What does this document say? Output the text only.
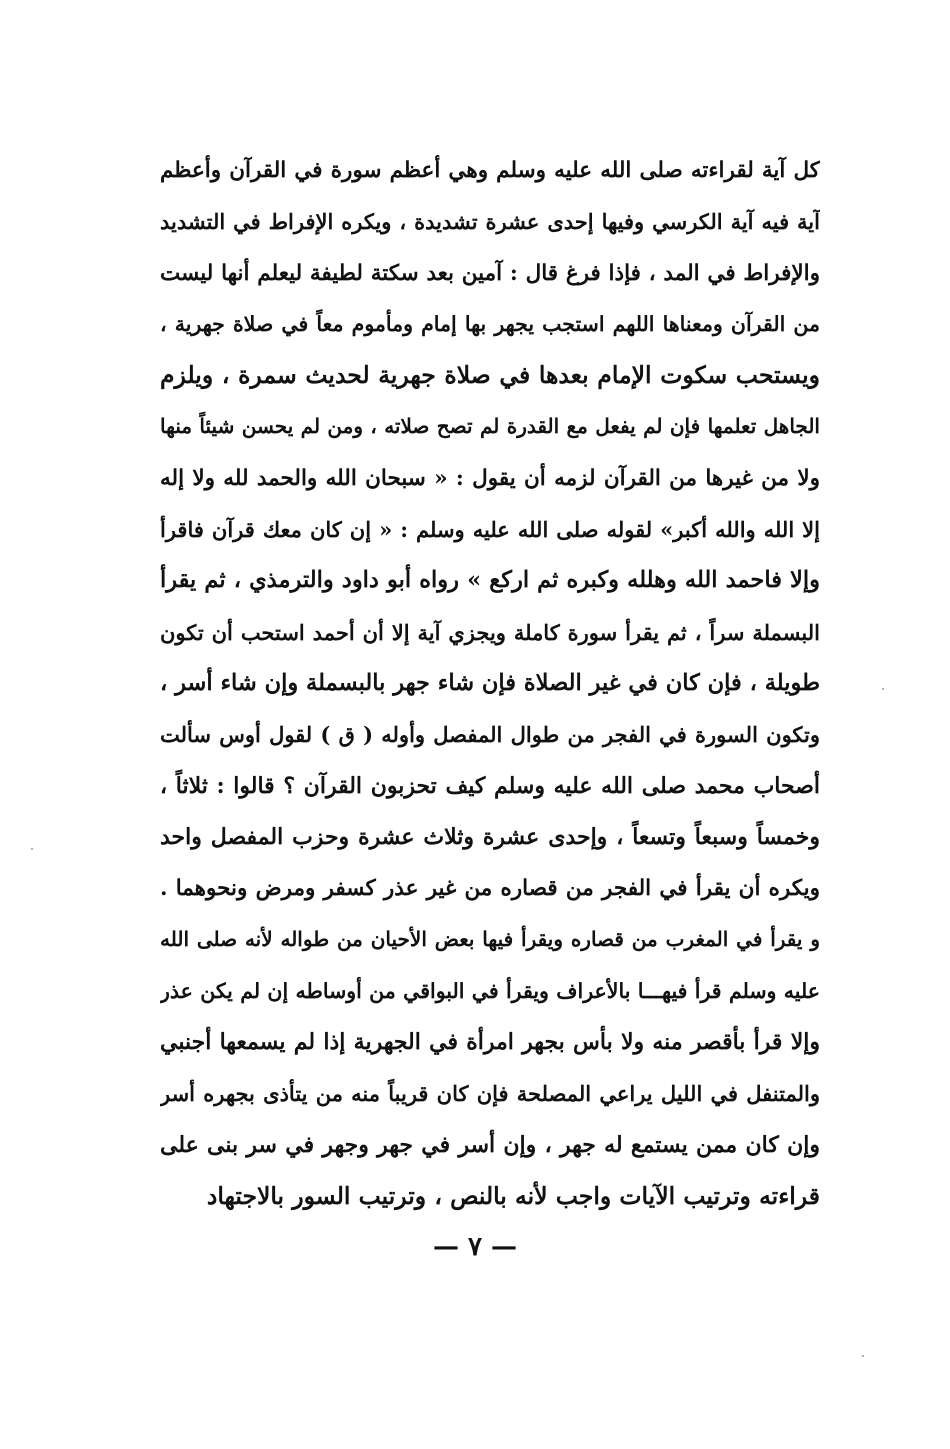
كل آية لقراءته صلى الله عليه وسلم وهي أعظم سورة في القرآن وأعظم
آية فيه آية الكرسي وفيها إحدى عشرة تشديدة ، ويكره الإفراط في التشديد
والإفراط في المد ، فإذا فرغ قال : آمين بعد سكتة لطيفة ليعلم أنها ليست
من القرآن ومعناها اللهم استجب يجهر بها إمام ومأموم معاً في صلاة جهرية ،
ويستحب سكوت الإمام بعدها في صلاة جهرية لحديث سمرة ، ويلزم
الجاهل تعلمها فإن لم يفعل مع القدرة لم تصح صلاته ، ومن لم يحسن شيئاً منها
ولا من غيرها من القرآن لزمه أن يقول : « سبحان الله والحمد لله ولا إله
إلا الله والله أكبر» لقوله صلى الله عليه وسلم : « إن كان معك قرآن فاقرأ
وإلا فاحمد الله وهلله وكبره ثم اركع » رواه أبو داود والترمذي ، ثم يقرأ
البسملة سراً ، ثم يقرأ سورة كاملة ويجزي آية إلا أن أحمد استحب أن تكون
طويلة ، فإن كان في غير الصلاة فإن شاء جهر بالبسملة وإن شاء أسر ،
وتكون السورة في الفجر من طوال المفصل وأوله ( ق ) لقول أوس سألت
أصحاب محمد صلى الله عليه وسلم كيف تحزبون القرآن ؟ قالوا : ثلاثاً ،
وخمساً وسبعاً وتسعاً ، وإحدى عشرة وثلاث عشرة وحزب المفصل واحد
ويكره أن يقرأ في الفجر من قصاره من غير عذر كسفر ومرض ونحوهما .
و يقرأ في المغرب من قصاره ويقرأ فيها بعض الأحيان من طواله لأنه صلى الله
عليه وسلم قرأ فيهـــا بالأعراف ويقرأ في البواقي من أوساطه إن لم يكن عذر
وإلا قرأ بأقصر منه ولا بأس بجهر امرأة في الجهرية إذا لم يسمعها أجنبي
والمتنفل في الليل يراعي المصلحة فإن كان قريباً منه من يتأذى بجهره أسر
وإن كان ممن يستمع له جهر ، وإن أسر في جهر وجهر في سر بنى على
قراءته وترتيب الآيات واجب لأنه بالنص ، وترتيب السور بالاجتهاد
— ٧ —
